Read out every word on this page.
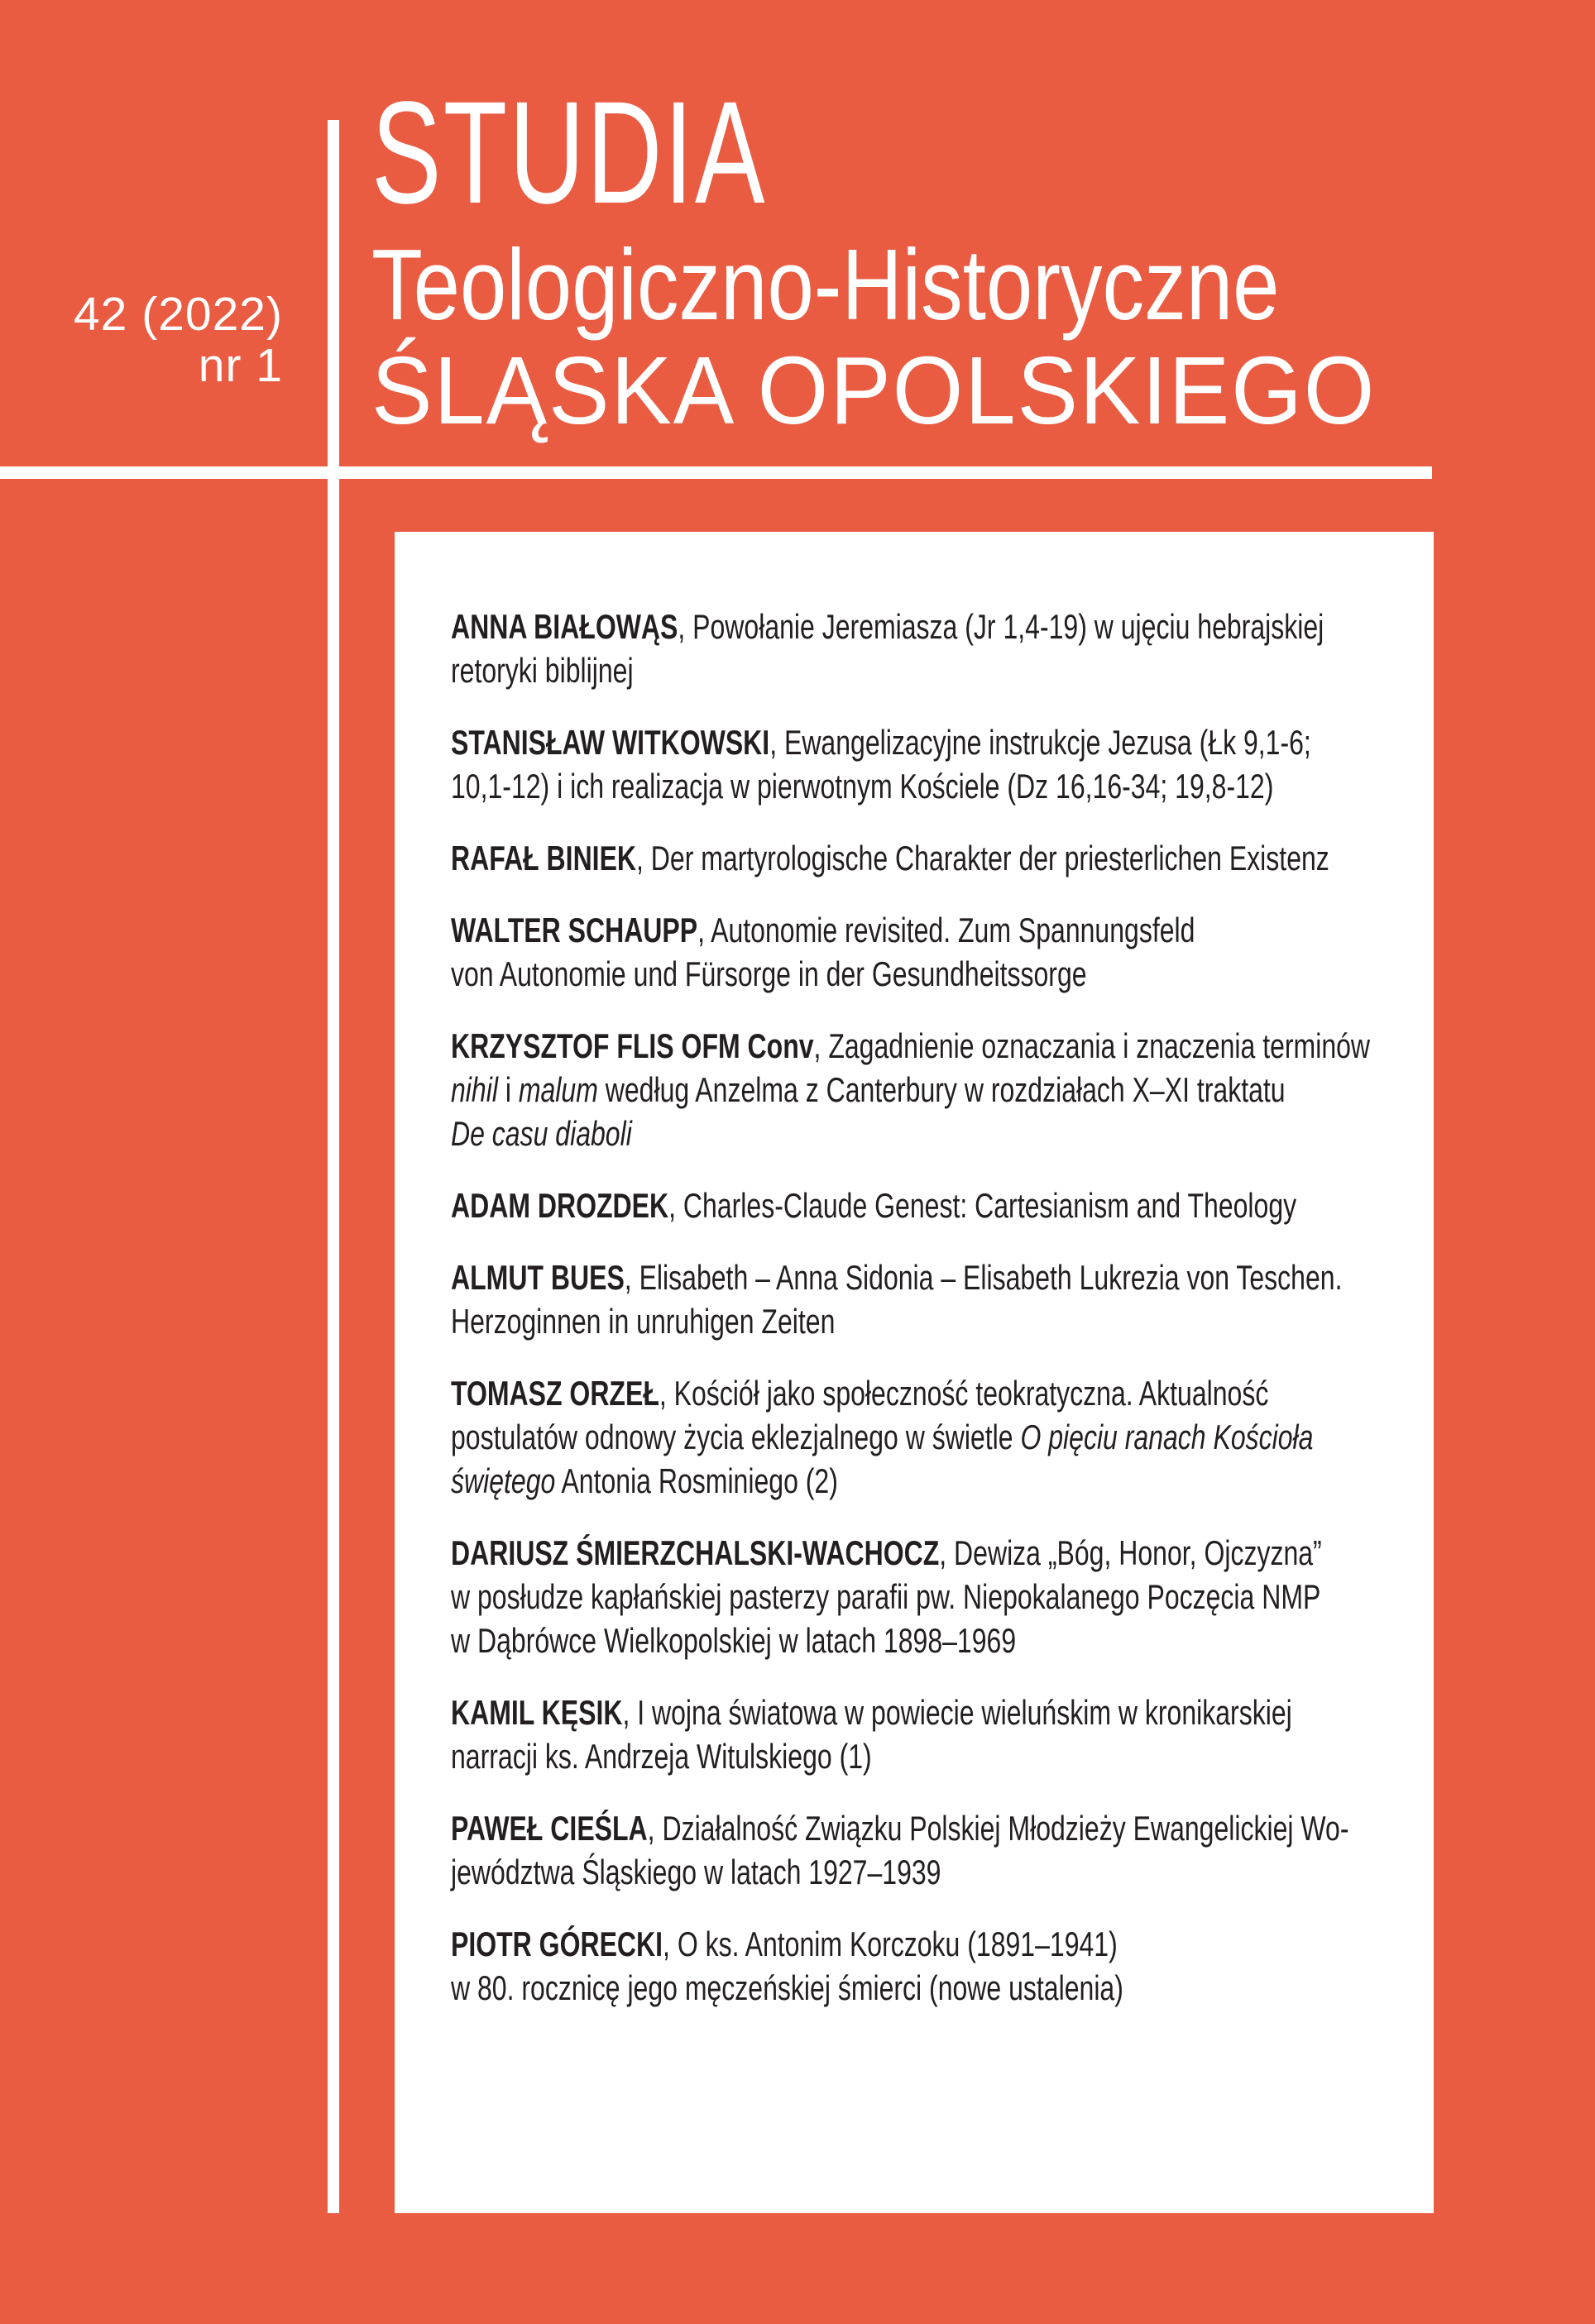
42 (2022)
nr 1
STUDIA
Teologiczno-Historyczne
ŚLĄSKA OPOLSKIEGO
ANNA BIAŁOWĄS, Powołanie Jeremiasza (Jr 1,4-19) w ujęciu hebrajskiej
retoryki biblijnej
STANISŁAW WITKOWSKI, Ewangelizacyjne instrukcje Jezusa (Łk 9,1-6;
10,1-12) i ich realizacja w pierwotnym Kościele (Dz 16,16-34; 19,8-12)
RAFAŁ BINIEK, Der martyrologische Charakter der priesterlichen Existenz
WALTER SCHAUPP, Autonomie revisited. Zum Spannungsfeld
von Autonomie und Fürsorge in der Gesundheitssorge
KRZYSZTOF FLIS OFM Conv, Zagadnienie oznaczania i znaczenia terminów
nihil i malum według Anzelma z Canterbury w rozdziałach X–XI traktatu
De casu diaboli
ADAM DROZDEK, Charles-Claude Genest: Cartesianism and Theology
ALMUT BUES, Elisabeth – Anna Sidonia – Elisabeth Lukrezia von Teschen.
Herzoginnen in unruhigen Zeiten
TOMASZ ORZEŁ, Kościół jako społeczność teokratyczna. Aktualność
postulatów odnowy życia eklezjalnego w świetle O pięciu ranach Kościoła
świętego Antonia Rosminiego (2)
DARIUSZ ŚMIERZCHALSKI-WACHOCZ, Dewiza „Bóg, Honor, Ojczyzna”
w posłudze kapłańskiej pasterzy parafii pw. Niepokalanego Poczęcia NMP
w Dąbrówce Wielkopolskiej w latach 1898–1969
KAMIL KĘSIK, I wojna światowa w powiecie wieluńskim w kronikarskiej
narracji ks. Andrzeja Witulskiego (1)
PAWEŁ CIEŚLA, Działalność Związku Polskiej Młodzieży Ewangelickiej Wo-
jewództwa Śląskiego w latach 1927–1939
PIOTR GÓRECKI, O ks. Antonim Korczoku (1891–1941)
w 80. rocznicę jego męczeńskiej śmierci (nowe ustalenia)
